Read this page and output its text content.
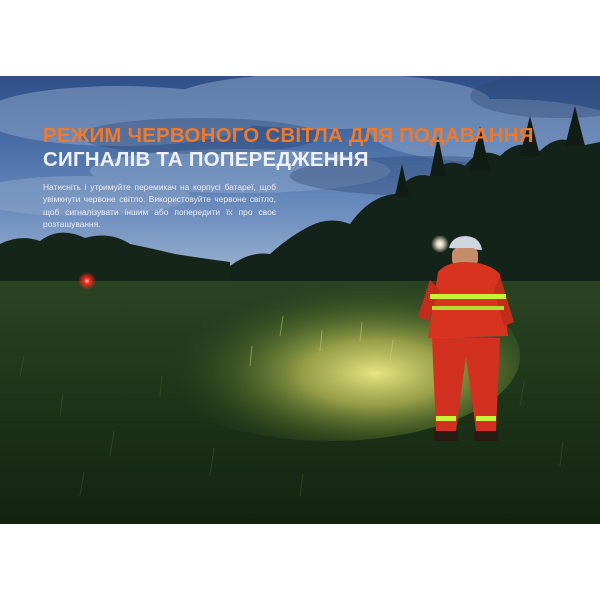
РЕЖИМ ЧЕРВОНОГО СВІТЛА ДЛЯ ПОДАВАННЯ
СИГНАЛІВ ТА ПОПЕРЕДЖЕННЯ

Натисніть і утримуйте перемикач на корпусі батареї, щоб увімкнути червоне світло. Використовуйте червоне світло, щоб сигналізувати іншим або попередити їх про своє розташування.
